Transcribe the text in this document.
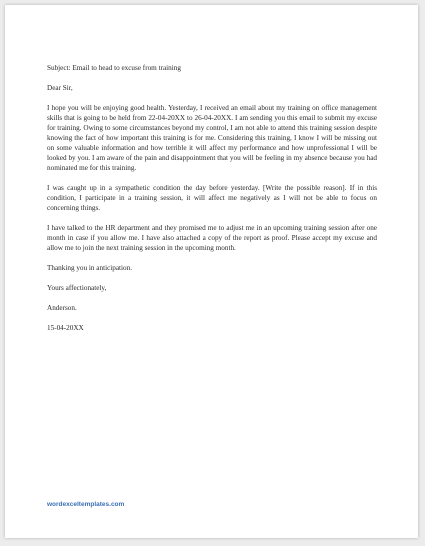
Subject: Email to head to excuse from training

Dear Sir,

I hope you will be enjoying good health. Yesterday, I received an email about my training on office management skills that is going to be held from 22-04-20XX to 26-04-20XX. I am sending you this email to submit my excuse for training. Owing to some circumstances beyond my control, I am not able to attend this training session despite knowing the fact of how important this training is for me. Considering this training, I know I will be missing out on some valuable information and how terrible it will affect my performance and how unprofessional I will be looked by you. I am aware of the pain and disappointment that you will be feeling in my absence because you had nominated me for this training.

I was caught up in a sympathetic condition the day before yesterday. [Write the possible reason]. If in this condition, I participate in a training session, it will affect me negatively as I will not be able to focus on concerning things.

I have talked to the HR department and they promised me to adjust me in an upcoming training session after one month in case if you allow me. I have also attached a copy of the report as proof. Please accept my excuse and allow me to join the next training session in the upcoming month.

Thanking you in anticipation.

Yours affectionately,

Anderson.

15-04-20XX

wordexceltemplates.com
